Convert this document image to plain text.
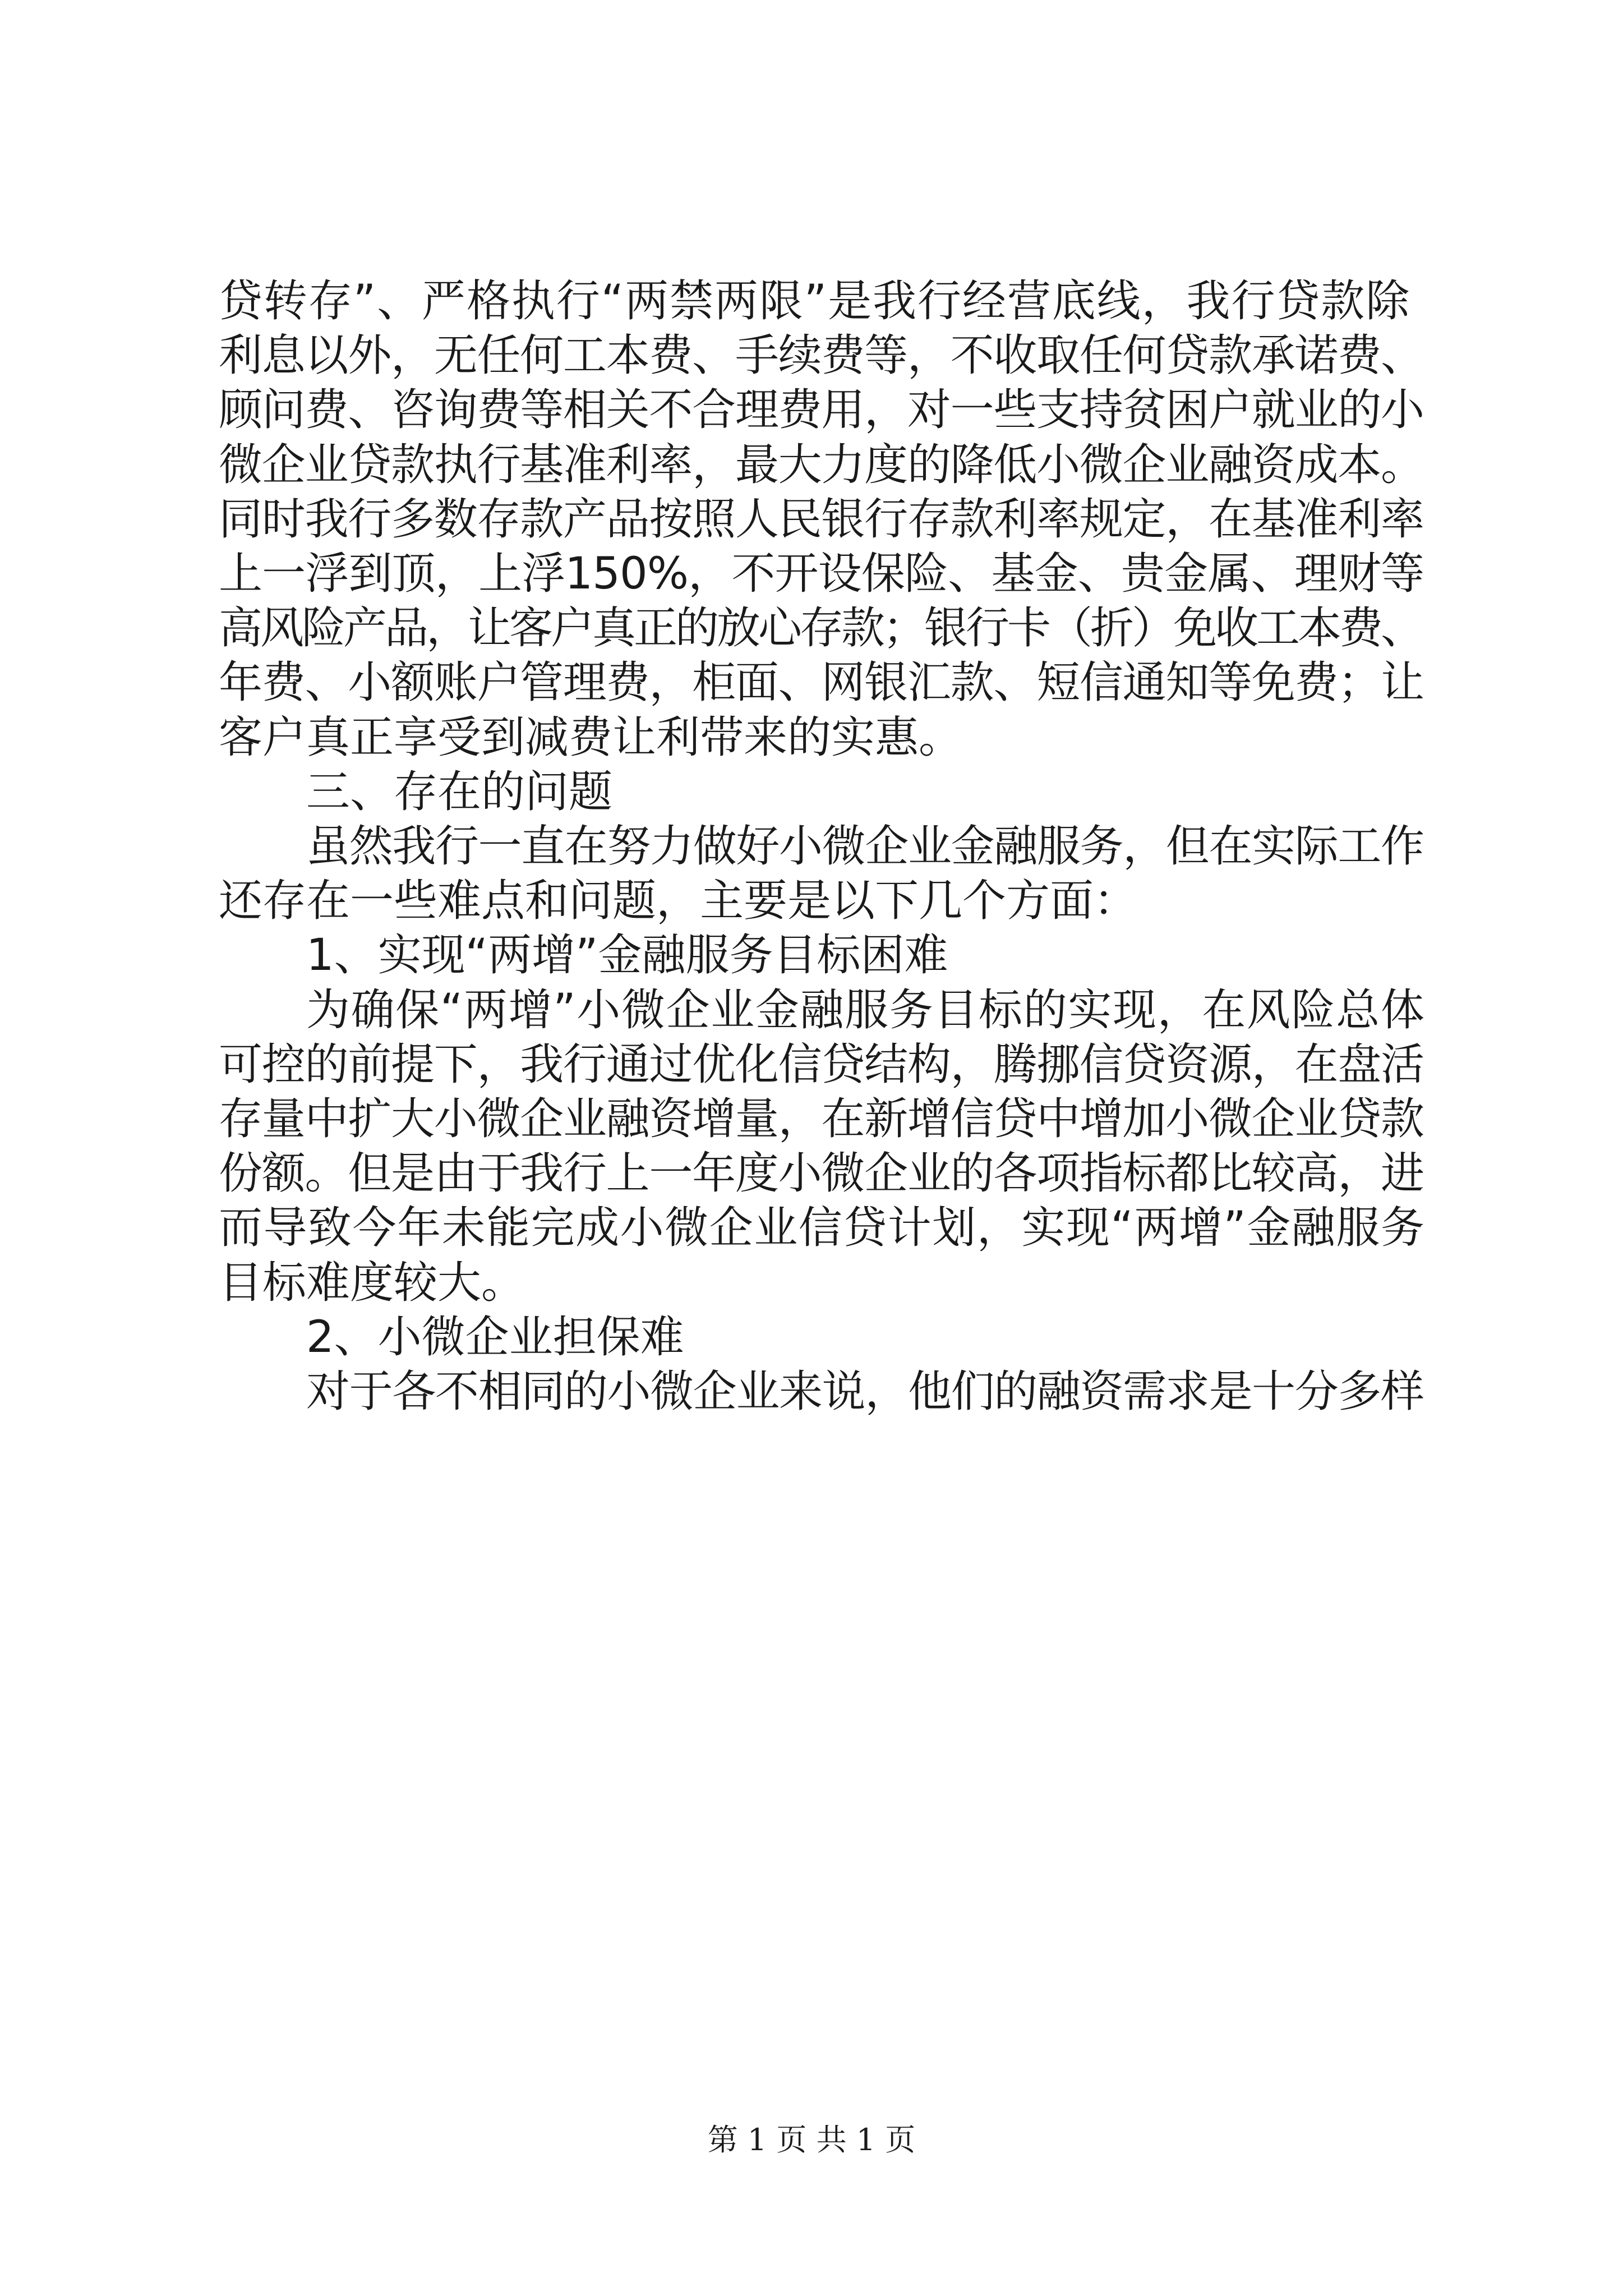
贷转存”、严格执行“两禁两限”是我行经营底线，我行贷款除
利息以外，无任何工本费、手续费等，不收取任何贷款承诺费、
顾问费、咨询费等相关不合理费用，对一些支持贫困户就业的小
微企业贷款执行基准利率，最大力度的降低小微企业融资成本。
同时我行多数存款产品按照人民银行存款利率规定，在基准利率
上一浮到顶，上浮150%，不开设保险、基金、贵金属、理财等
高风险产品，让客户真正的放心存款；银行卡（折）免收工本费、
年费、小额账户管理费，柜面、网银汇款、短信通知等免费；让
客户真正享受到减费让利带来的实惠。
三、存在的问题
虽然我行一直在努力做好小微企业金融服务，但在实际工作
还存在一些难点和问题，主要是以下几个方面：
1、实现“两增”金融服务目标困难
为确保“两增”小微企业金融服务目标的实现，在风险总体
可控的前提下，我行通过优化信贷结构，腾挪信贷资源，在盘活
存量中扩大小微企业融资增量，在新增信贷中增加小微企业贷款
份额。但是由于我行上一年度小微企业的各项指标都比较高，进
而导致今年未能完成小微企业信贷计划，实现“两增”金融服务
目标难度较大。
2、小微企业担保难
对于各不相同的小微企业来说，他们的融资需求是十分多样
第 1 页 共 1 页
